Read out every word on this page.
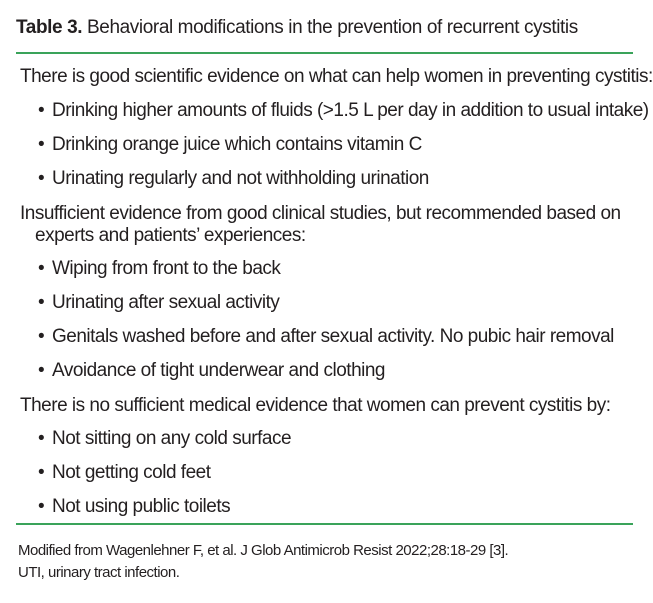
Table 3. Behavioral modifications in the prevention of recurrent cystitis
There is good scientific evidence on what can help women in preventing cystitis:
• Drinking higher amounts of fluids (>1.5 L per day in addition to usual intake)
• Drinking orange juice which contains vitamin C
• Urinating regularly and not withholding urination
Insufficient evidence from good clinical studies, but recommended based on
experts and patients’ experiences:
• Wiping from front to the back
• Urinating after sexual activity
• Genitals washed before and after sexual activity. No pubic hair removal
• Avoidance of tight underwear and clothing
There is no sufficient medical evidence that women can prevent cystitis by:
• Not sitting on any cold surface
• Not getting cold feet
• Not using public toilets
Modified from Wagenlehner F, et al. J Glob Antimicrob Resist 2022;28:18-29 [3].
UTI, urinary tract infection.
